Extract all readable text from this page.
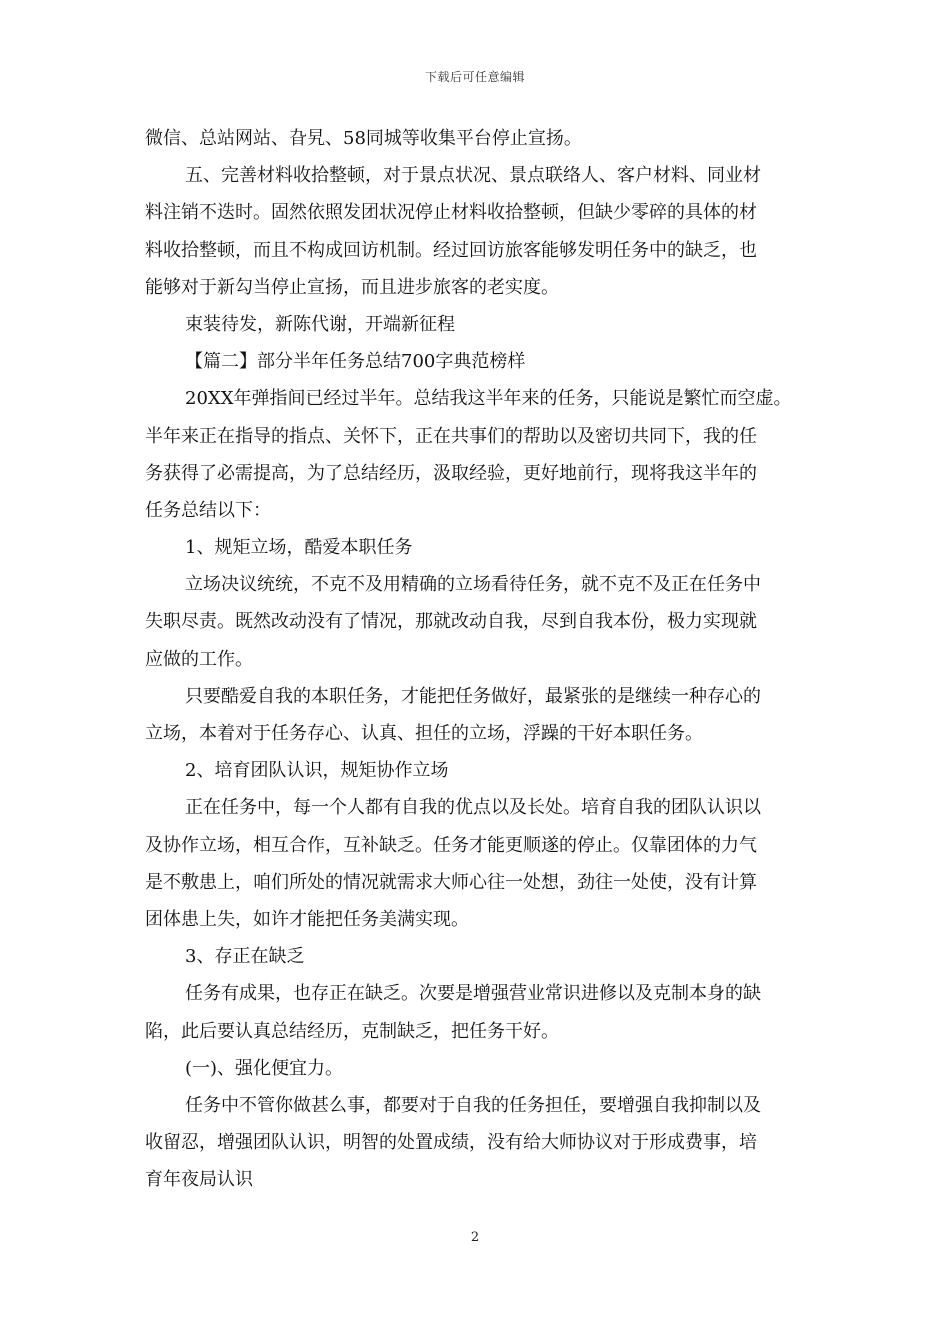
下载后可任意编辑
微信、总站网站、旮旯、58同城等收集平台停止宣扬。
五、完善材料收拾整顿，对于景点状况、景点联络人、客户材料、同业材
料注销不迭时。固然依照发团状况停止材料收拾整顿，但缺少零碎的具体的材
料收拾整顿，而且不构成回访机制。经过回访旅客能够发明任务中的缺乏，也
能够对于新勾当停止宣扬，而且进步旅客的老实度。
束装待发，新陈代谢，开端新征程
【篇二】部分半年任务总结700字典范榜样
20XX年弹指间已经过半年。总结我这半年来的任务，只能说是繁忙而空虚。
半年来正在指导的指点、关怀下，正在共事们的帮助以及密切共同下，我的任
务获得了必需提高，为了总结经历，汲取经验，更好地前行，现将我这半年的
任务总结以下：
1、规矩立场，酷爱本职任务
立场决议统统，不克不及用精确的立场看待任务，就不克不及正在任务中
失职尽责。既然改动没有了情况，那就改动自我，尽到自我本份，极力实现就
应做的工作。
只要酷爱自我的本职任务，才能把任务做好，最紧张的是继续一种存心的
立场，本着对于任务存心、认真、担任的立场，浮躁的干好本职任务。
2、培育团队认识，规矩协作立场
正在任务中，每一个人都有自我的优点以及长处。培育自我的团队认识以
及协作立场，相互合作，互补缺乏。任务才能更顺遂的停止。仅靠团体的力气
是不敷患上，咱们所处的情况就需求大师心往一处想，劲往一处使，没有计算
团体患上失，如许才能把任务美满实现。
3、存正在缺乏
任务有成果，也存正在缺乏。次要是增强营业常识进修以及克制本身的缺
陷，此后要认真总结经历，克制缺乏，把任务干好。
(一)、强化便宜力。
任务中不管你做甚么事，都要对于自我的任务担任，要增强自我抑制以及
收留忍，增强团队认识，明智的处置成绩，没有给大师协议对于形成费事，培
育年夜局认识
2
